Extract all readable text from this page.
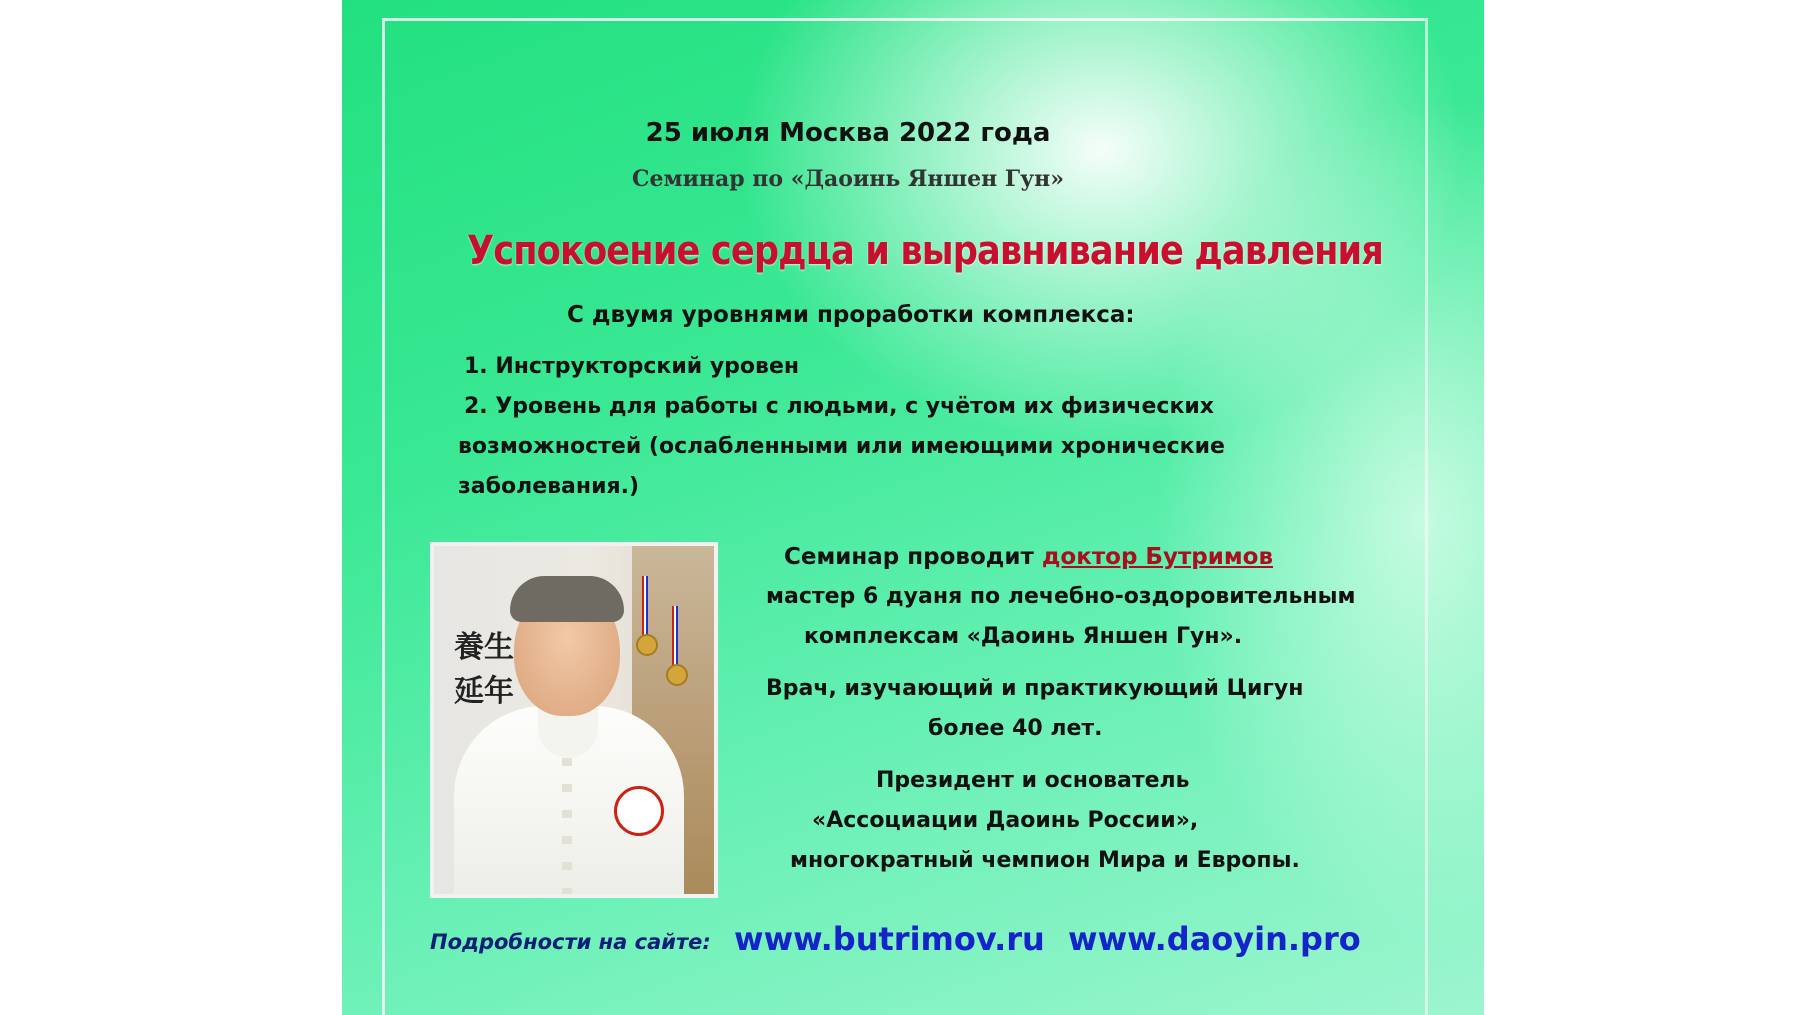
25 июля Москва 2022 года
Семинар по «Даоинь Яншен Гун»
Успокоение сердца и выравнивание давления
С двумя уровнями проработки комплекса:
1. Инструкторский уровен
2. Уровень для работы с людьми, с учётом их физических
возможностей (ослабленными или имеющими хронические
заболевания.)
養生延年
Семинар проводит доктор Бутримов
мастер 6 дуаня по лечебно-оздоровительным
комплексам «Даоинь Яншен Гун».
Врач, изучающий и практикующий Цигун
более 40 лет.
Президент и основатель
«Ассоциации Даоинь России»,
многократный чемпион Мира и Европы.
Подробности на сайте: www.butrimov.ru www.daoyin.pro
